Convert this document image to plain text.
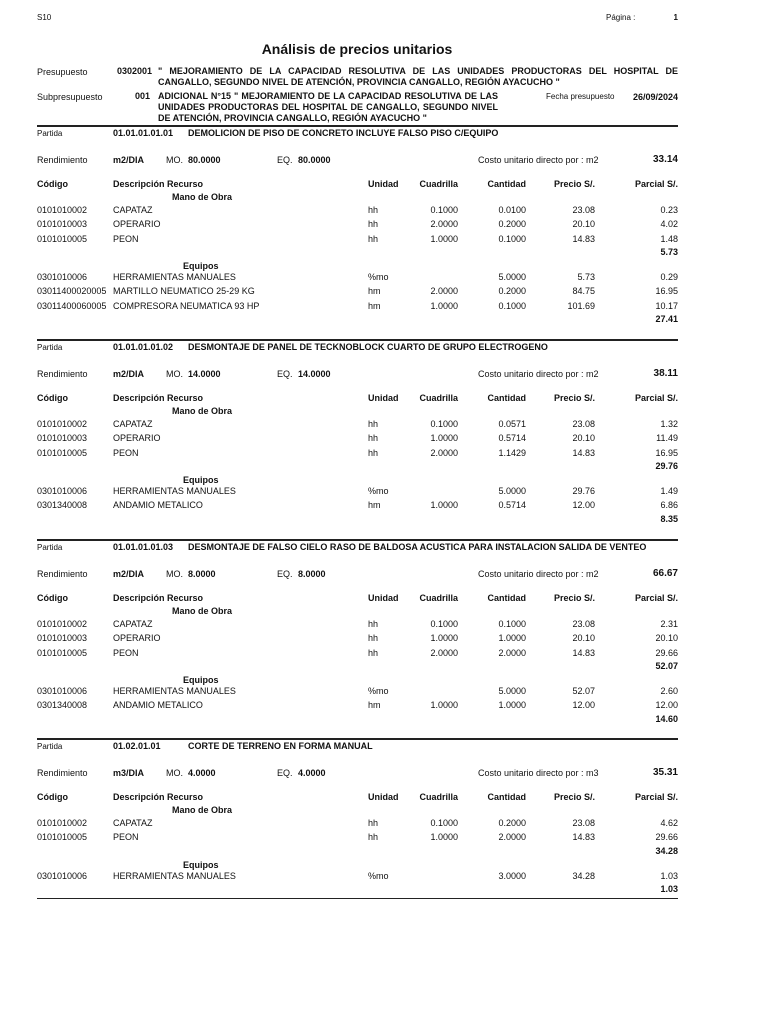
S10	Página :	1
Análisis de precios unitarios
Presupuesto	0302001 " MEJORAMIENTO DE LA CAPACIDAD RESOLUTIVA DE LAS UNIDADES PRODUCTORAS DEL HOSPITAL DE CANGALLO, SEGUNDO NIVEL DE ATENCIÓN, PROVINCIA CANGALLO, REGIÓN AYACUCHO "
Subpresupuesto	001 ADICIONAL N°15 " MEJORAMIENTO DE LA CAPACIDAD RESOLUTIVA DE LAS UNIDADES PRODUCTORAS DEL HOSPITAL DE CANGALLO, SEGUNDO NIVEL DE ATENCIÓN, PROVINCIA CANGALLO, REGIÓN AYACUCHO "
Fecha presupuesto	26/09/2024
Partida	01.01.01.01.01 DEMOLICION DE PISO DE CONCRETO INCLUYE FALSO PISO C/EQUIPO
Rendimiento	m2/DIA MO. 80.0000	EQ. 80.0000	Costo unitario directo por : m2	33.14
Código	Descripción Recurso	Unidad	Cuadrilla	Cantidad	Precio S/.	Parcial S/.
Mano de Obra
0101010002	CAPATAZ	hh	0.1000	0.0100	23.08	0.23
0101010003	OPERARIO	hh	2.0000	0.2000	20.10	4.02
0101010005	PEON	hh	1.0000	0.1000	14.83	1.48
5.73
Equipos
0301010006	HERRAMIENTAS MANUALES	%mo	5.0000	5.73	0.29
03011400020005 MARTILLO NEUMATICO 25-29 KG	hm	2.0000	0.2000	84.75	16.95
03011400060005 COMPRESORA NEUMATICA 93 HP	hm	1.0000	0.1000	101.69	10.17
27.41
Partida	01.01.01.01.02 DESMONTAJE DE PANEL DE TECKNOBLOCK CUARTO DE GRUPO ELECTROGENO
Rendimiento	m2/DIA MO. 14.0000	EQ. 14.0000	Costo unitario directo por : m2	38.11
Código	Descripción Recurso	Unidad	Cuadrilla	Cantidad	Precio S/.	Parcial S/.
Mano de Obra
0101010002	CAPATAZ	hh	0.1000	0.0571	23.08	1.32
0101010003	OPERARIO	hh	1.0000	0.5714	20.10	11.49
0101010005	PEON	hh	2.0000	1.1429	14.83	16.95
29.76
Equipos
0301010006	HERRAMIENTAS MANUALES	%mo	5.0000	29.76	1.49
0301340008	ANDAMIO METALICO	hm	1.0000	0.5714	12.00	6.86
8.35
Partida	01.01.01.01.03 DESMONTAJE DE FALSO CIELO RASO DE BALDOSA ACUSTICA PARA INSTALACION SALIDA DE VENTEO
Rendimiento	m2/DIA MO. 8.0000	EQ. 8.0000	Costo unitario directo por : m2	66.67
Código	Descripción Recurso	Unidad	Cuadrilla	Cantidad	Precio S/.	Parcial S/.
Mano de Obra
0101010002	CAPATAZ	hh	0.1000	0.1000	23.08	2.31
0101010003	OPERARIO	hh	1.0000	1.0000	20.10	20.10
0101010005	PEON	hh	2.0000	2.0000	14.83	29.66
52.07
Equipos
0301010006	HERRAMIENTAS MANUALES	%mo	5.0000	52.07	2.60
0301340008	ANDAMIO METALICO	hm	1.0000	1.0000	12.00	12.00
14.60
Partida	01.02.01.01	CORTE DE TERRENO EN FORMA MANUAL
Rendimiento	m3/DIA MO. 4.0000	EQ. 4.0000	Costo unitario directo por : m3	35.31
Código	Descripción Recurso	Unidad	Cuadrilla	Cantidad	Precio S/.	Parcial S/.
Mano de Obra
0101010002	CAPATAZ	hh	0.1000	0.2000	23.08	4.62
0101010005	PEON	hh	1.0000	2.0000	14.83	29.66
34.28
Equipos
0301010006	HERRAMIENTAS MANUALES	%mo	3.0000	34.28	1.03
1.03
